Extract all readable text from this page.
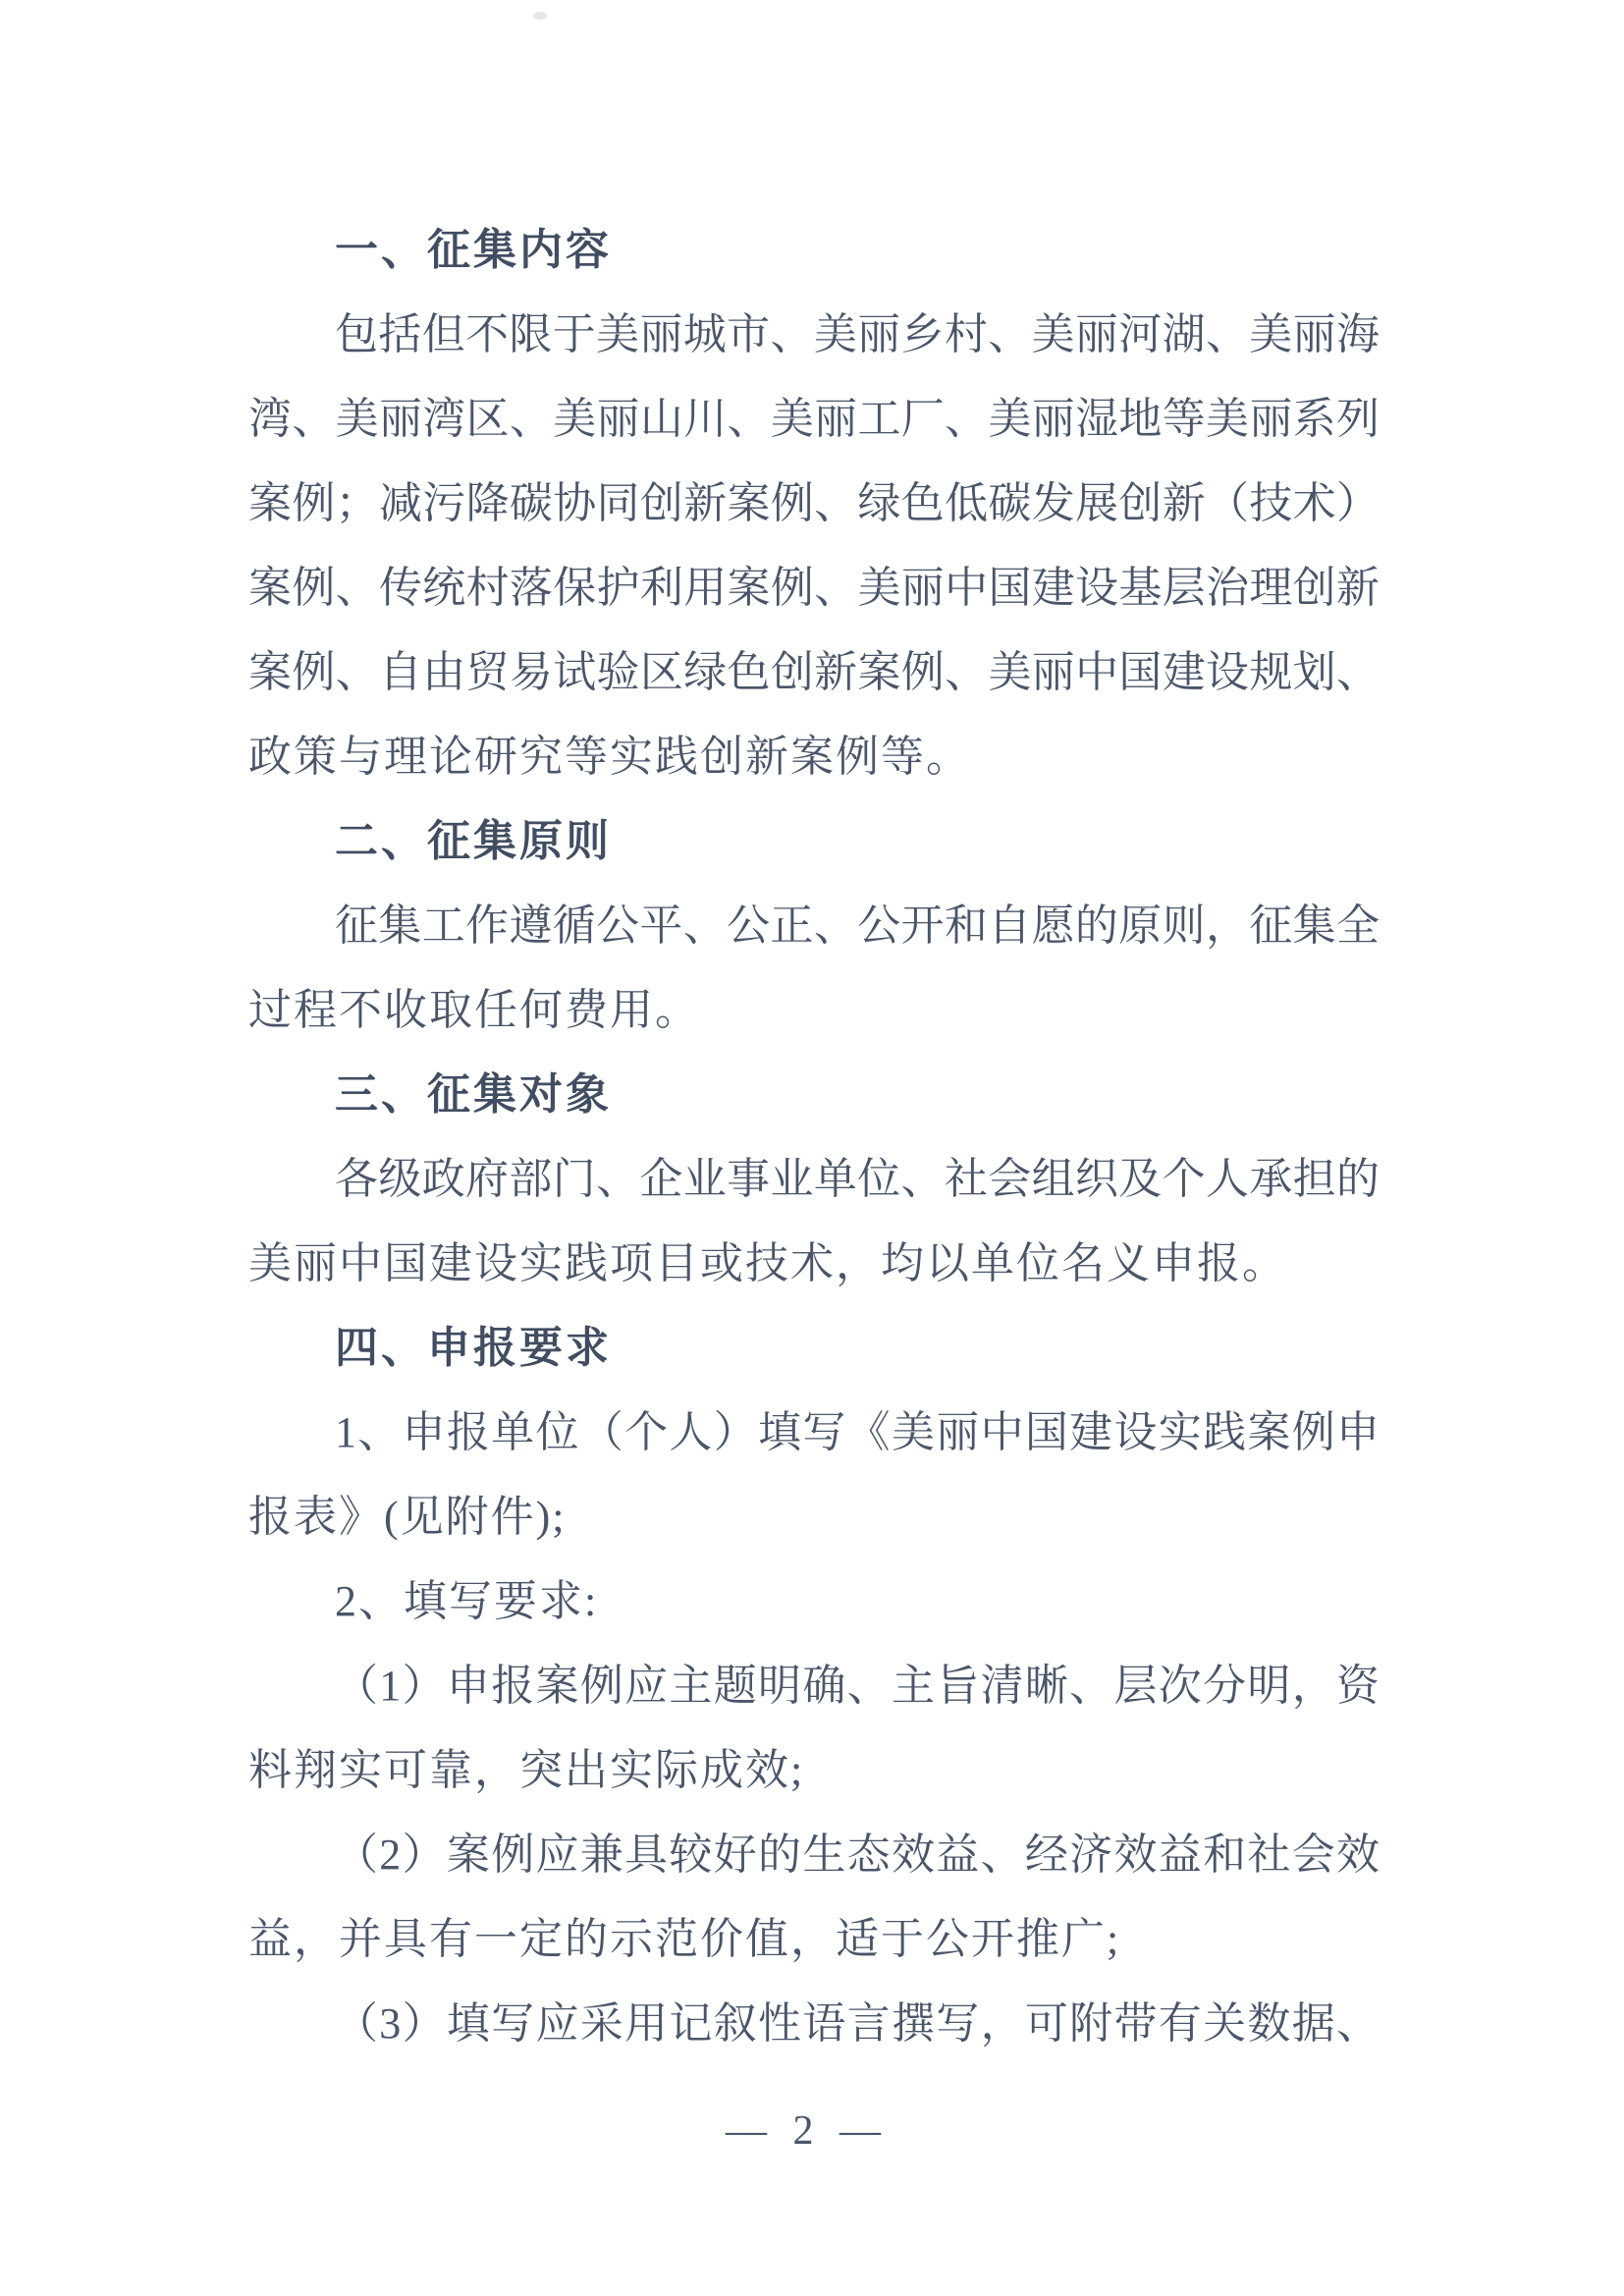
一、征集内容
包括但不限于美丽城市、美丽乡村、美丽河湖、美丽海
湾、美丽湾区、美丽山川、美丽工厂、美丽湿地等美丽系列
案例；减污降碳协同创新案例、绿色低碳发展创新（技术）
案例、传统村落保护利用案例、美丽中国建设基层治理创新
案例、自由贸易试验区绿色创新案例、美丽中国建设规划、
政策与理论研究等实践创新案例等。
二、征集原则
征集工作遵循公平、公正、公开和自愿的原则，征集全
过程不收取任何费用。
三、征集对象
各级政府部门、企业事业单位、社会组织及个人承担的
美丽中国建设实践项目或技术，均以单位名义申报。
四、申报要求
1、申报单位（个人）填写《美丽中国建设实践案例申
报表》(见附件);
2、填写要求:
（1）申报案例应主题明确、主旨清晰、层次分明，资
料翔实可靠，突出实际成效;
（2）案例应兼具较好的生态效益、经济效益和社会效
益，并具有一定的示范价值，适于公开推广;
（3）填写应采用记叙性语言撰写，可附带有关数据、
— 2 —
